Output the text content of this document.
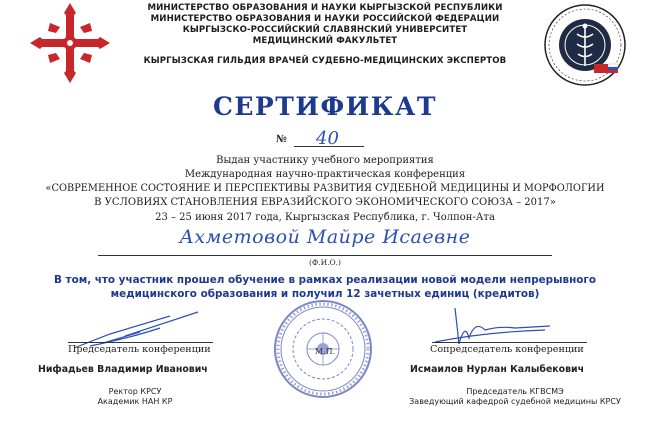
МИНИСТЕРСТВО ОБРАЗОВАНИЯ И НАУКИ КЫРГЫЗСКОЙ РЕСПУБЛИКИ
МИНИСТЕРСТВО ОБРАЗОВАНИЯ И НАУКИ РОССИЙСКОЙ ФЕДЕРАЦИИ
КЫРГЫЗСКО-РОССИЙСКИЙ СЛАВЯНСКИЙ УНИВЕРСИТЕТ
МЕДИЦИНСКИЙ ФАКУЛЬТЕТ
КЫРГЫЗСКАЯ ГИЛЬДИЯ ВРАЧЕЙ СУДЕБНО-МЕДИЦИНСКИХ ЭКСПЕРТОВ
СЕРТИФИКАТ
№ 40
Выдан участнику учебного мероприятия
Международная научно-практическая конференция
«СОВРЕМЕННОЕ СОСТОЯНИЕ И ПЕРСПЕКТИВЫ РАЗВИТИЯ СУДЕБНОЙ МЕДИЦИНЫ И МОРФОЛОГИИ
В УСЛОВИЯХ СТАНОВЛЕНИЯ ЕВРАЗИЙСКОГО ЭКОНОМИЧЕСКОГО СОЮЗА – 2017»
23 – 25 июня 2017 года, Кыргызская Республика, г. Чолпон-Ата
Ахметовой Майре Исаевне
(Ф.И.О.)
В том, что участник прошел обучение в рамках реализации новой модели непрерывного
медицинского образования и получил 12 зачетных единиц (кредитов)
Председатель конференции
Нифадьев Владимир Иванович
Ректор КРСУ
Академик НАН КР
М.П.	Сопредседатель конференции
Исмаилов Нурлан Калыбекович
Председатель КГВСМЭ
Заведующий кафедрой судебной медицины КРСУ
